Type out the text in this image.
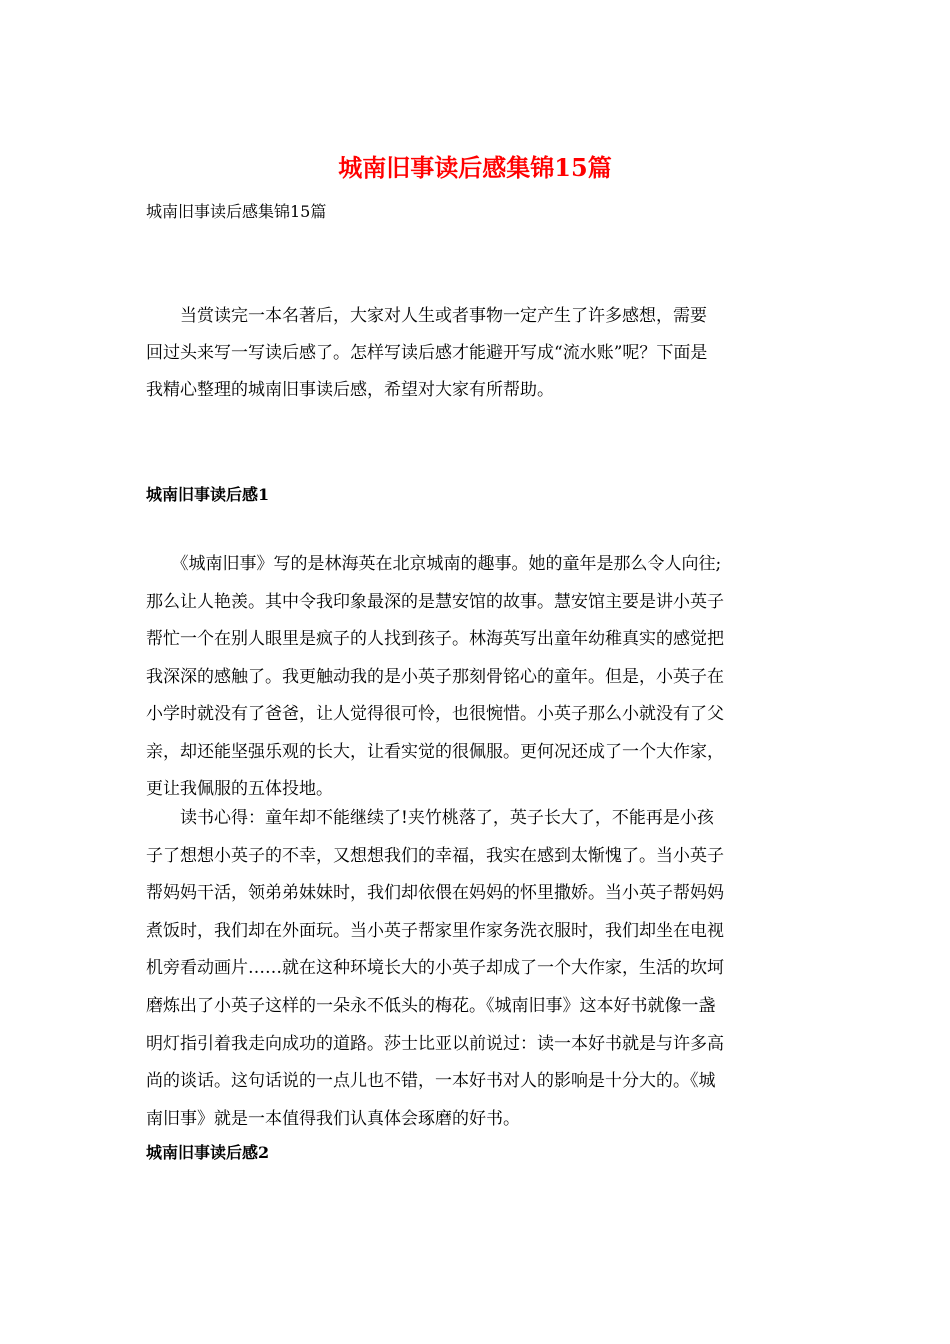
城南旧事读后感集锦15篇

城南旧事读后感集锦15篇

　　当赏读完一本名著后，大家对人生或者事物一定产生了许多感想，需要
回过头来写一写读后感了。怎样写读后感才能避开写成“流水账”呢？下面是
我精心整理的城南旧事读后感，希望对大家有所帮助。

城南旧事读后感1

　　《城南旧事》写的是林海英在北京城南的趣事。她的童年是那么令人向往;
那么让人艳羡。其中令我印象最深的是慧安馆的故事。慧安馆主要是讲小英子
帮忙一个在别人眼里是疯子的人找到孩子。林海英写出童年幼稚真实的感觉把
我深深的感触了。我更触动我的是小英子那刻骨铭心的童年。但是，小英子在
小学时就没有了爸爸，让人觉得很可怜，也很惋惜。小英子那么小就没有了父
亲，却还能坚强乐观的长大，让看实觉的很佩服。更何况还成了一个大作家，
更让我佩服的五体投地。

　　读书心得：童年却不能继续了!夹竹桃落了，英子长大了，不能再是小孩
子了想想小英子的不幸，又想想我们的幸福，我实在感到太惭愧了。当小英子
帮妈妈干活，领弟弟妹妹时，我们却依偎在妈妈的怀里撒娇。当小英子帮妈妈
煮饭时，我们却在外面玩。当小英子帮家里作家务洗衣服时，我们却坐在电视
机旁看动画片……就在这种环境长大的小英子却成了一个大作家，生活的坎坷
磨炼出了小英子这样的一朵永不低头的梅花。《城南旧事》这本好书就像一盏
明灯指引着我走向成功的道路。莎士比亚以前说过：读一本好书就是与许多高
尚的谈话。这句话说的一点儿也不错，一本好书对人的影响是十分大的。《城
南旧事》就是一本值得我们认真体会琢磨的好书。

城南旧事读后感2
